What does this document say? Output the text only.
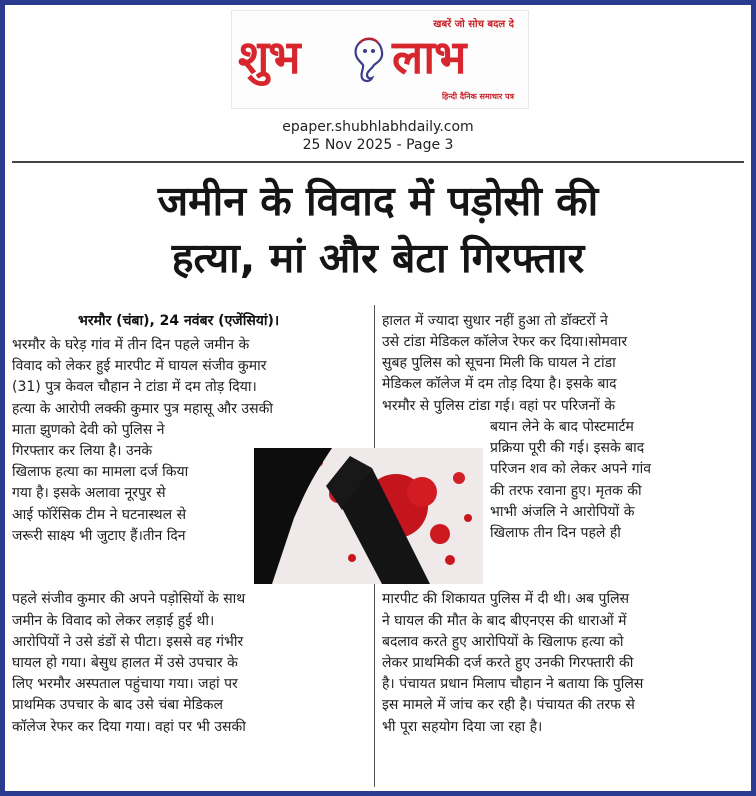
खबरें जो सोच बदल दे
शुभ लाभ
हिन्दी दैनिक समाचार पत्र
epaper.shubhlabhdaily.com
25 Nov 2025 - Page 3
जमीन के विवाद में पड़ोसी की
हत्या, मां और बेटा गिरफ्तार
भरमौर (चंबा), 24 नवंबर (एजेंसियां)।
भरमौर के घरेड़ गांव में तीन दिन पहले जमीन के
विवाद को लेकर हुई मारपीट में घायल संजीव कुमार
(31) पुत्र केवल चौहान ने टांडा में दम तोड़ दिया।
हत्या के आरोपी लक्की कुमार पुत्र महासू और उसकी
माता झुणको देवी को पुलिस ने
गिरफ्तार कर लिया है। उनके
खिलाफ हत्या का मामला दर्ज किया
गया है। इसके अलावा नूरपुर से
आई फॉरेंसिक टीम ने घटनास्थल से
जरूरी साक्ष्य भी जुटाए हैं।तीन दिन
पहले संजीव कुमार की अपने पड़ोसियों के साथ
जमीन के विवाद को लेकर लड़ाई हुई थी।
आरोपियों ने उसे डंडों से पीटा। इससे वह गंभीर
घायल हो गया। बेसुध हालत में उसे उपचार के
लिए भरमौर अस्पताल पहुंचाया गया। जहां पर
प्राथमिक उपचार के बाद उसे चंबा मेडिकल
कॉलेज रेफर कर दिया गया। वहां पर भी उसकी
हालत में ज्यादा सुधार नहीं हुआ तो डॉक्टरों ने
उसे टांडा मेडिकल कॉलेज रेफर कर दिया।सोमवार
सुबह पुलिस को सूचना मिली कि घायल ने टांडा
मेडिकल कॉलेज में दम तोड़ दिया है। इसके बाद
भरमौर से पुलिस टांडा गई। वहां पर परिजनों के
बयान लेने के बाद पोस्टमार्टम
प्रक्रिया पूरी की गई। इसके बाद
परिजन शव को लेकर अपने गांव
की तरफ रवाना हुए। मृतक की
भाभी अंजलि ने आरोपियों के
खिलाफ तीन दिन पहले ही
मारपीट की शिकायत पुलिस में दी थी। अब पुलिस
ने घायल की मौत के बाद बीएनएस की धाराओं में
बदलाव करते हुए आरोपियों के खिलाफ हत्या को
लेकर प्राथमिकी दर्ज करते हुए उनकी गिरफ्तारी की
है। पंचायत प्रधान मिलाप चौहान ने बताया कि पुलिस
इस मामले में जांच कर रही है। पंचायत की तरफ से
भी पूरा सहयोग दिया जा रहा है।
